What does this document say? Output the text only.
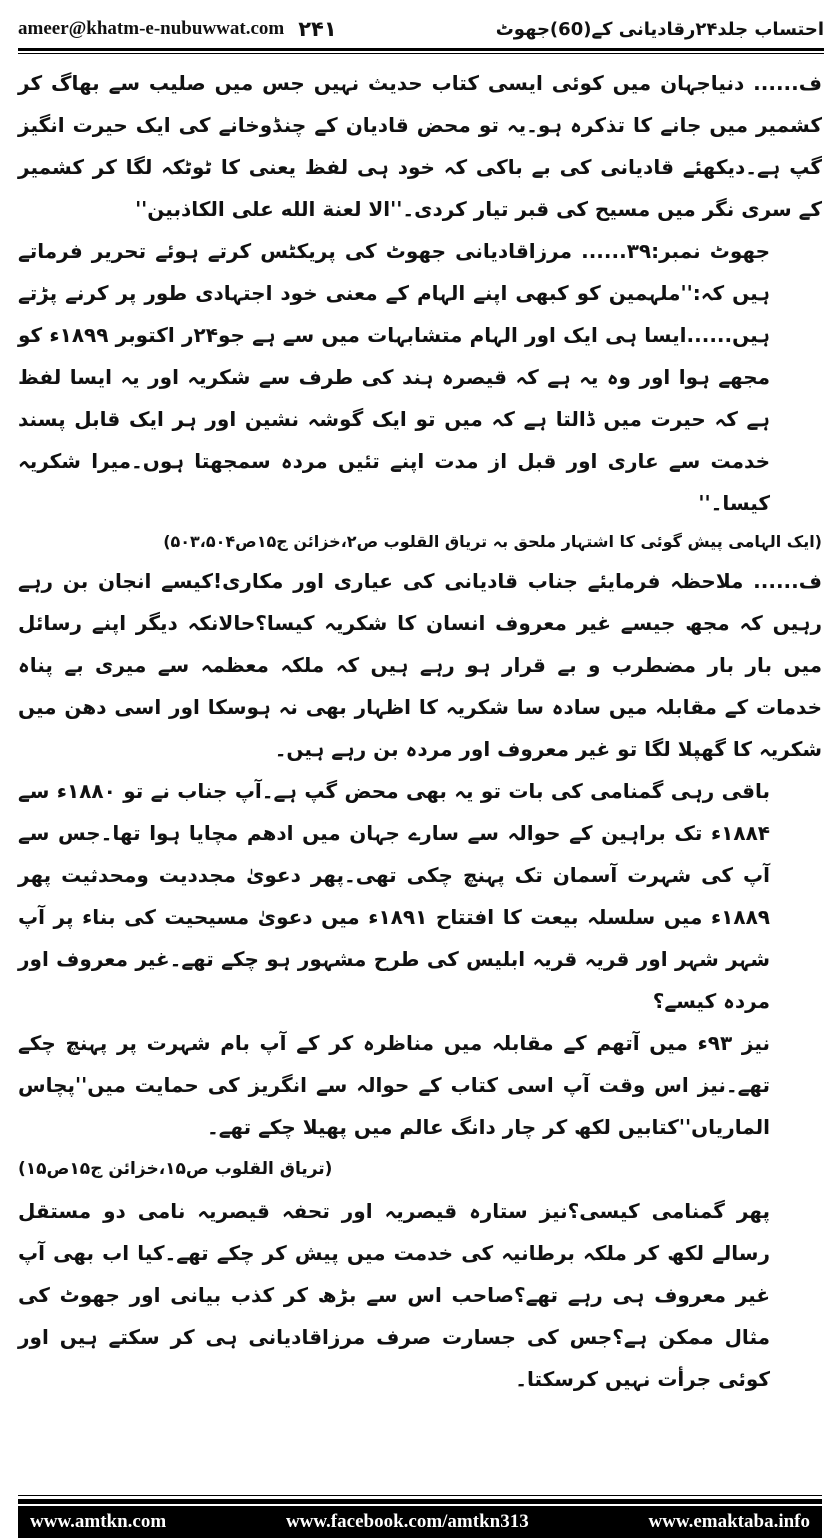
ameer@khatm-e-nubuwwat.com ۲۴۱	احتساب جلد۲۴رقادیانی کے(60)جھوٹ

ف...... دنیاجہان میں کوئی ایسی کتاب حدیث نہیں جس میں صلیب سے بھاگ کر کشمیر میں جانے کا تذکرہ ہو۔یہ تو محض قادیان کے چنڈوخانے کی ایک حیرت انگیز گپ ہے۔دیکھئے قادیانی کی بے باکی کہ خود ہی لفظ یعنی کا ٹوٹکہ لگا کر کشمیر کے سری نگر میں مسیح کی قبر تیار کردی۔''الا لعنة الله على الكاذبين''

جھوٹ نمبر:۳۹...... مرزاقادیانی جھوٹ کی پریکٹس کرتے ہوئے تحریر فرماتے ہیں کہ:''ملہمین کو کبھی اپنے الہام کے معنی خود اجتہادی طور پر کرنے پڑتے ہیں......ایسا ہی ایک اور الہام متشابہات میں سے ہے جو۲۴ر اکتوبر ۱۸۹۹ء کو مجھے ہوا اور وہ یہ ہے کہ قیصرہ ہند کی طرف سے شکریہ اور یہ ایسا لفظ ہے کہ حیرت میں ڈالتا ہے کہ میں تو ایک گوشہ نشین اور ہر ایک قابل پسند خدمت سے عاری اور قبل از مدت اپنے تئیں مردہ سمجھتا ہوں۔میرا شکریہ کیسا۔''

(ایک الہامی پیش گوئی کا اشتہار ملحق بہ تریاق القلوب ص۲،خزائن ج۱۵ص۵۰۳،۵۰۴)

ف...... ملاحظہ فرمایئے جناب قادیانی کی عیاری اور مکاری!کیسے انجان بن رہے رہیں کہ مجھ جیسے غیر معروف انسان کا شکریہ کیسا؟حالانکہ دیگر اپنے رسائل میں بار بار مضطرب و بے قرار ہو رہے ہیں کہ ملکہ معظمہ سے میری بے پناہ خدمات کے مقابلہ میں سادہ سا شکریہ کا اظہار بھی نہ ہوسکا اور اسی دھن میں شکریہ کا گھپلا لگا تو غیر معروف اور مردہ بن رہے ہیں۔

باقی رہی گمنامی کی بات تو یہ بھی محض گپ ہے۔آپ جناب نے تو ۱۸۸۰ء سے ۱۸۸۴ء تک براہین کے حوالہ سے سارے جہان میں ادھم مچایا ہوا تھا۔جس سے آپ کی شہرت آسمان تک پہنچ چکی تھی۔پھر دعویٰ مجددیت ومحدثیت پھر ۱۸۸۹ء میں سلسلہ بیعت کا افتتاح ۱۸۹۱ء میں دعویٰ مسیحیت کی بناء پر آپ شہر شہر اور قریہ قریہ ابلیس کی طرح مشہور ہو چکے تھے۔غیر معروف اور مردہ کیسے؟

نیز ۹۳ء میں آتھم کے مقابلہ میں مناظرہ کر کے آپ بام شہرت پر پہنچ چکے تھے۔نیز اس وقت آپ اسی کتاب کے حوالہ سے انگریز کی حمایت میں''پچاس المارياں''کتابیں لکھ کر چار دانگ عالم میں پھیلا چکے تھے۔

(تریاق القلوب ص۱۵،خزائن ج۱۵ص۱۵)

پھر گمنامی کیسی؟نیز ستارہ قیصریہ اور تحفہ قیصریہ نامی دو مستقل رسالے لکھ کر ملکہ برطانیہ کی خدمت میں پیش کر چکے تھے۔کیا اب بھی آپ غیر معروف ہی رہے تھے؟صاحب اس سے بڑھ کر کذب بیانی اور جھوٹ کی مثال ممکن ہے؟جس کی جسارت صرف مرزاقادیانی ہی کر سکتے ہیں اور کوئی جرأت نہیں کرسکتا۔

www.amtkn.com	www.facebook.com/amtkn313	www.emaktaba.info
